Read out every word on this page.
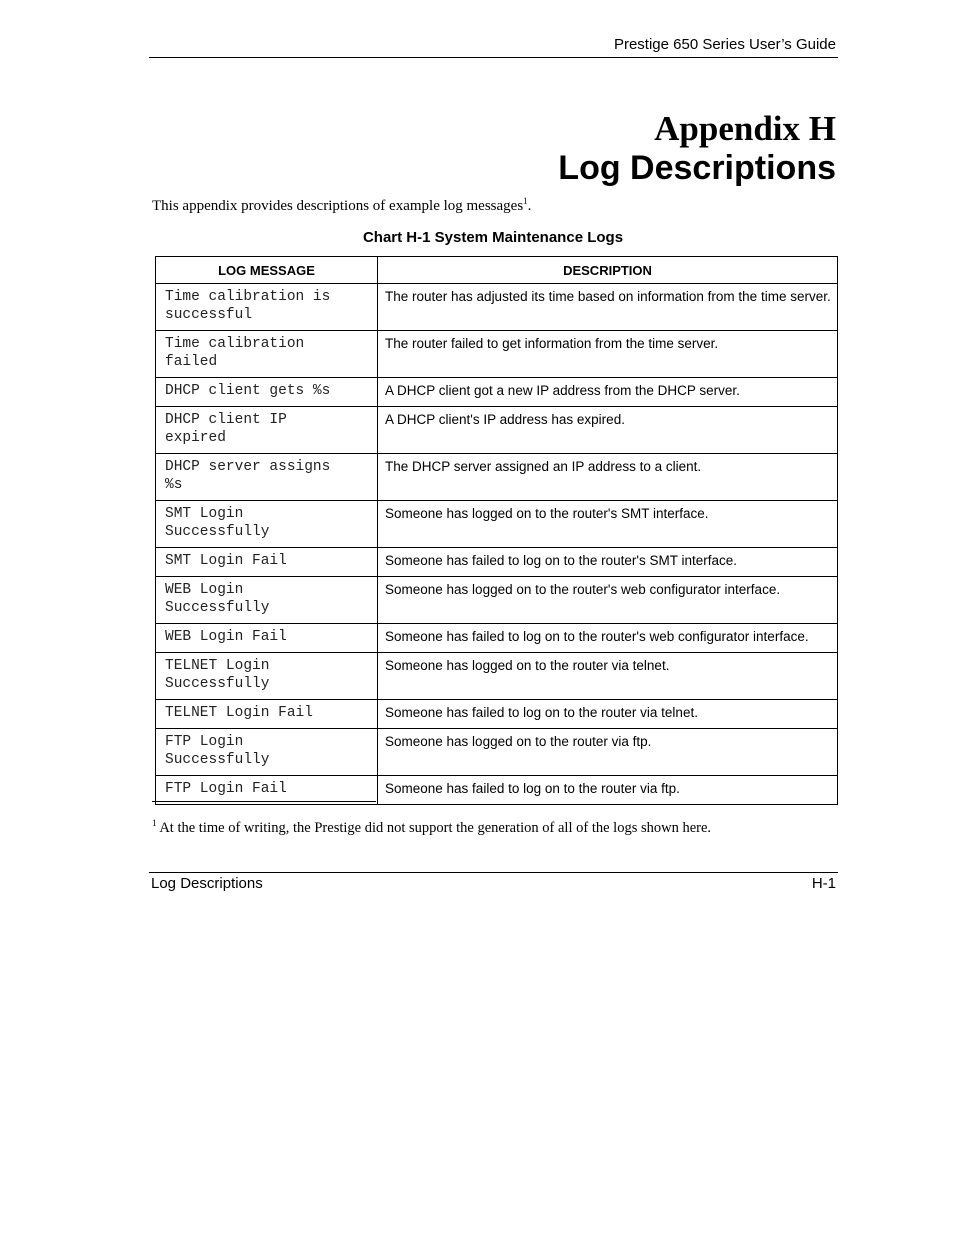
Prestige 650 Series User’s Guide
Appendix H
Log Descriptions
This appendix provides descriptions of example log messages$^1$.
Chart H-1 System Maintenance Logs
LOG MESSAGE	DESCRIPTION

Time calibration is
successful	The router has adjusted its time based on information from the time server.

Time calibration
failed	The router failed to get information from the time server.

DHCP client gets %s	A DHCP client got a new IP address from the DHCP server.

DHCP client IP
expired	A DHCP client's IP address has expired.

DHCP server assigns
%s	The DHCP server assigned an IP address to a client.

SMT Login
Successfully	Someone has logged on to the router's SMT interface.

SMT Login Fail	Someone has failed to log on to the router's SMT interface.

WEB Login
Successfully	Someone has logged on to the router's web configurator interface.

WEB Login Fail	Someone has failed to log on to the router's web configurator interface.

TELNET Login
Successfully	Someone has logged on to the router via telnet.

TELNET Login Fail	Someone has failed to log on to the router via telnet.

FTP Login
Successfully	Someone has logged on to the router via ftp.

FTP Login Fail	Someone has failed to log on to the router via ftp.
$^1$ At the time of writing, the Prestige did not support the generation of all of the logs shown here.
Log Descriptions	H-1
